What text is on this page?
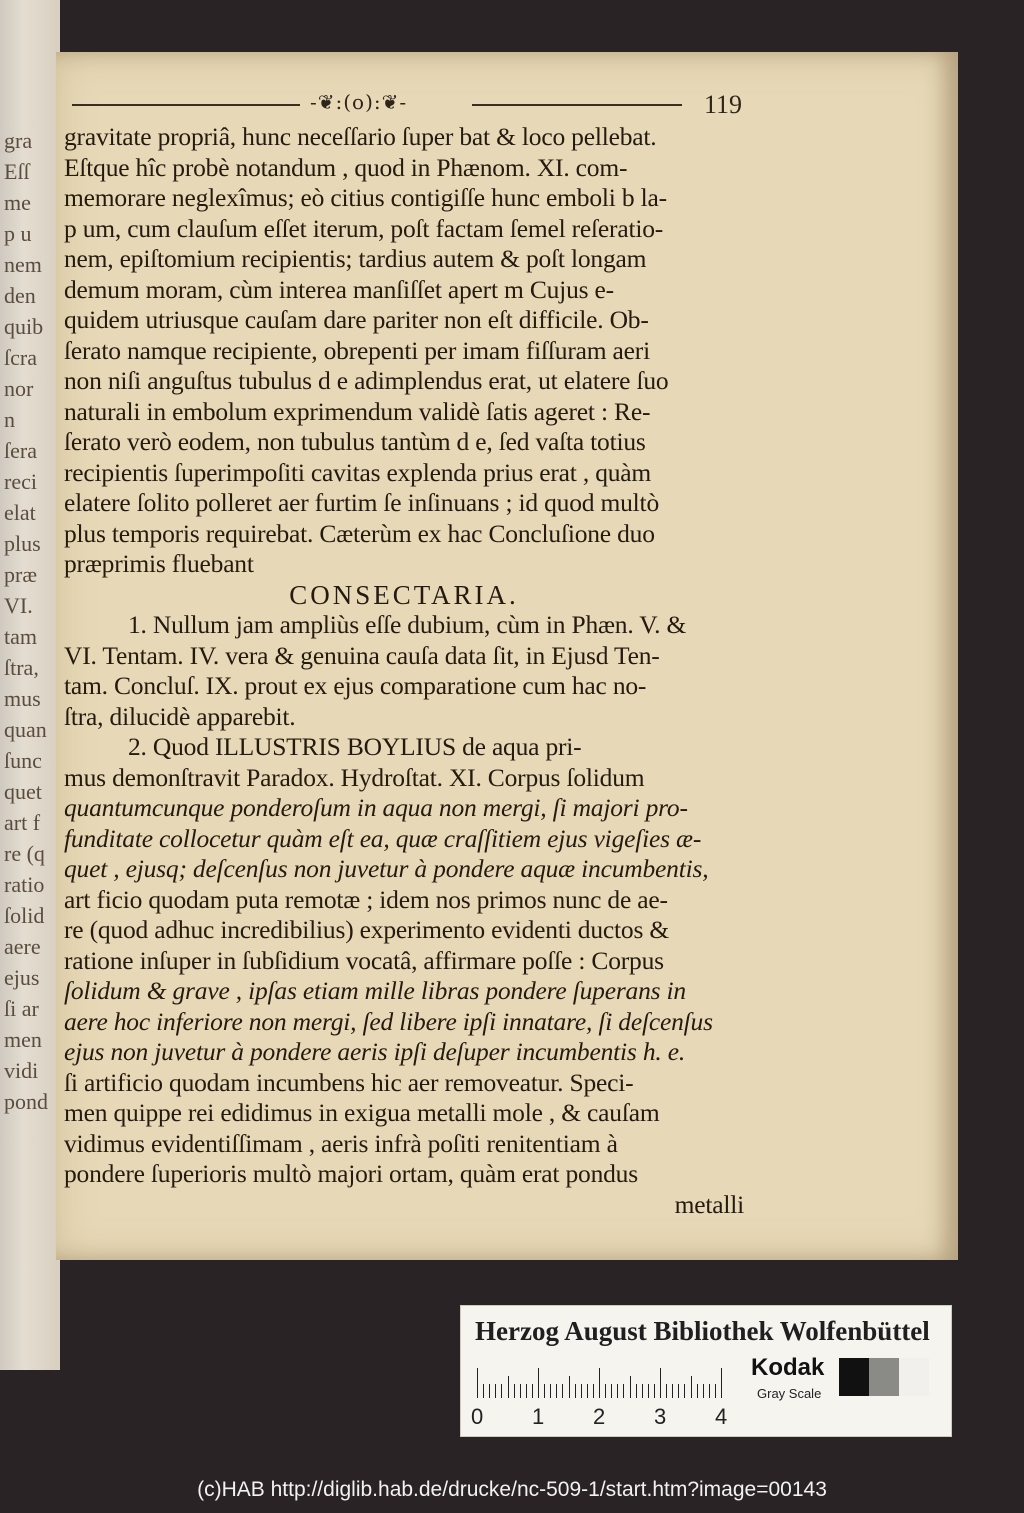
gra
Eſſ
me
p u
nem
den
quib
ſcra
nor
n
ſera
reci
elat
plus
præ
VI.
tam
ſtra,
mus
quan
ſunc
quet
art f
re (q
ratio
ſolid
aere
ejus
ſi ar
men
vidi
pond
-❦:(o):❦-	119
gravitate propriâ, hunc neceſſario ſuper bat & loco pellebat.
Eſtque hîc probè notandum , quod in Phænom. XI. com-
memorare neglexîmus; eò citius contigiſſe hunc emboli b la-
p um, cum clauſum eſſet iterum, poſt factam ſemel reſeratio-
nem, epiſtomium recipientis; tardius autem & poſt longam
demum moram, cùm interea manſiſſet apert m Cujus e-
quidem utriusque cauſam dare pariter non eſt difficile. Ob-
ſerato namque recipiente, obrepenti per imam fiſſuram aeri
non niſi anguſtus tubulus d e adimplendus erat, ut elatere ſuo
naturali in embolum exprimendum validè ſatis ageret : Re-
ſerato verò eodem, non tubulus tantùm d e, ſed vaſta totius
recipientis ſuperimpoſiti cavitas explenda prius erat , quàm
elatere ſolito polleret aer furtim ſe inſinuans ; id quod multò
plus temporis requirebat. Cæterùm ex hac Concluſione duo
præprimis fluebant
CONSECTARIA.
1. Nullum jam ampliùs eſſe dubium, cùm in Phæn. V. &
VI. Tentam. IV. vera & genuina cauſa data ſit, in Ejusd Ten-
tam. Concluſ. IX. prout ex ejus comparatione cum hac no-
ſtra, dilucidè apparebit.
2. Quod ILLUSTRIS BOYLIUS de aqua pri-
mus demonſtravit Paradox. Hydroſtat. XI. Corpus ſolidum
quantumcunque ponderoſum in aqua non mergi, ſi majori pro-
funditate collocetur quàm eſt ea, quæ craſſitiem ejus vigeſies æ-
quet , ejusq; deſcenſus non juvetur à pondere aquæ incumbentis,
art ficio quodam puta remotæ ; idem nos primos nunc de ae-
re (quod adhuc incredibilius) experimento evidenti ductos &
ratione inſuper in ſubſidium vocatâ, affirmare poſſe : Corpus
ſolidum & grave , ipſas etiam mille libras pondere ſuperans in
aere hoc inferiore non mergi, ſed libere ipſi innatare, ſi deſcenſus
ejus non juvetur à pondere aeris ipſi deſuper incumbentis h. e.
ſi artificio quodam incumbens hic aer removeatur. Speci-
men quippe rei edidimus in exigua metalli mole , & cauſam
vidimus evidentiſſimam , aeris infrà poſiti renitentiam à
pondere ſuperioris multò majori ortam, quàm erat pondus
metalli
Herzog August Bibliothek Wolfenbüttel
0 1 2 3 4
Kodak
Gray Scale
(c)HAB http://diglib.hab.de/drucke/nc-509-1/start.htm?image=00143
